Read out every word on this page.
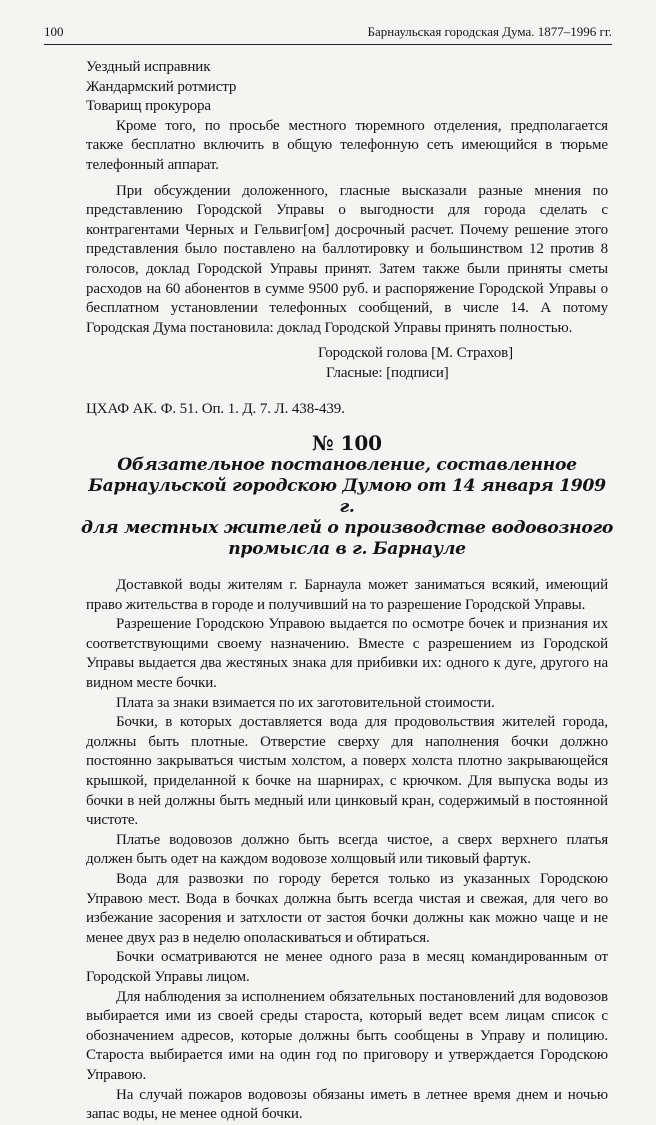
100	Барнаульская городская Дума. 1877–1996 гг.
Уездный исправник
Жандармский ротмистр
Товарищ прокурора

Кроме того, по просьбе местного тюремного отделения, предполагается также бесплатно включить в общую телефонную сеть имеющийся в тюрьме телефонный аппарат.

При обсуждении доложенного, гласные высказали разные мнения по представлению Городской Управы о выгодности для города сделать с контрагентами Черных и Гельвиг[ом] досрочный расчет. Почему решение этого представления было поставлено на баллотировку и большинством 12 против 8 голосов, доклад Городской Управы принят. Затем также были приняты сметы расходов на 60 абонентов в сумме 9500 руб. и распоряжение Городской Управы о бесплатном установлении телефонных сообщений, в числе 14. А потому Городская Дума постановила: доклад Городской Управы принять полностью.

Городской голова [М. Страхов]
Гласные: [подписи]
ЦХАФ АК. Ф. 51. Оп. 1. Д. 7. Л. 438-439.
№ 100
Обязательное постановление, составленное
Барнаульской городскою Думою от 14 января 1909 г.
для местных жителей о производстве водовозного
промысла в г. Барнауле

Доставкой воды жителям г. Барнаула может заниматься всякий, имеющий право жительства в городе и получивший на то разрешение Городской Управы.

Разрешение Городскою Управою выдается по осмотре бочек и признания их соответствующими своему назначению. Вместе с разрешением из Городской Управы выдается два жестяных знака для прибивки их: одного к дуге, другого на видном месте бочки.

Плата за знаки взимается по их заготовительной стоимости.

Бочки, в которых доставляется вода для продовольствия жителей города, должны быть плотные. Отверстие сверху для наполнения бочки должно постоянно закрываться чистым холстом, а поверх холста плотно закрывающейся крышкой, приделанной к бочке на шарнирах, с крючком. Для выпуска воды из бочки в ней должны быть медный или цинковый кран, содержимый в постоянной чистоте.

Платье водовозов должно быть всегда чистое, а сверх верхнего платья должен быть одет на каждом водовозе холщовый или тиковый фартук.

Вода для развозки по городу берется только из указанных Городскою Управою мест. Вода в бочках должна быть всегда чистая и свежая, для чего во избежание засорения и затхлости от застоя бочки должны как можно чаще и не менее двух раз в неделю ополаскиваться и обтираться.

Бочки осматриваются не менее одного раза в месяц командированным от Городской Управы лицом.

Для наблюдения за исполнением обязательных постановлений для водовозов выбирается ими из своей среды староста, который ведет всем лицам список с обозначением адресов, которые должны быть сообщены в Управу и полицию. Староста выбирается ими на один год по приговору и утверждается Городскою Управою.

На случай пожаров водовозы обязаны иметь в летнее время днем и ночью запас воды, не менее одной бочки.
